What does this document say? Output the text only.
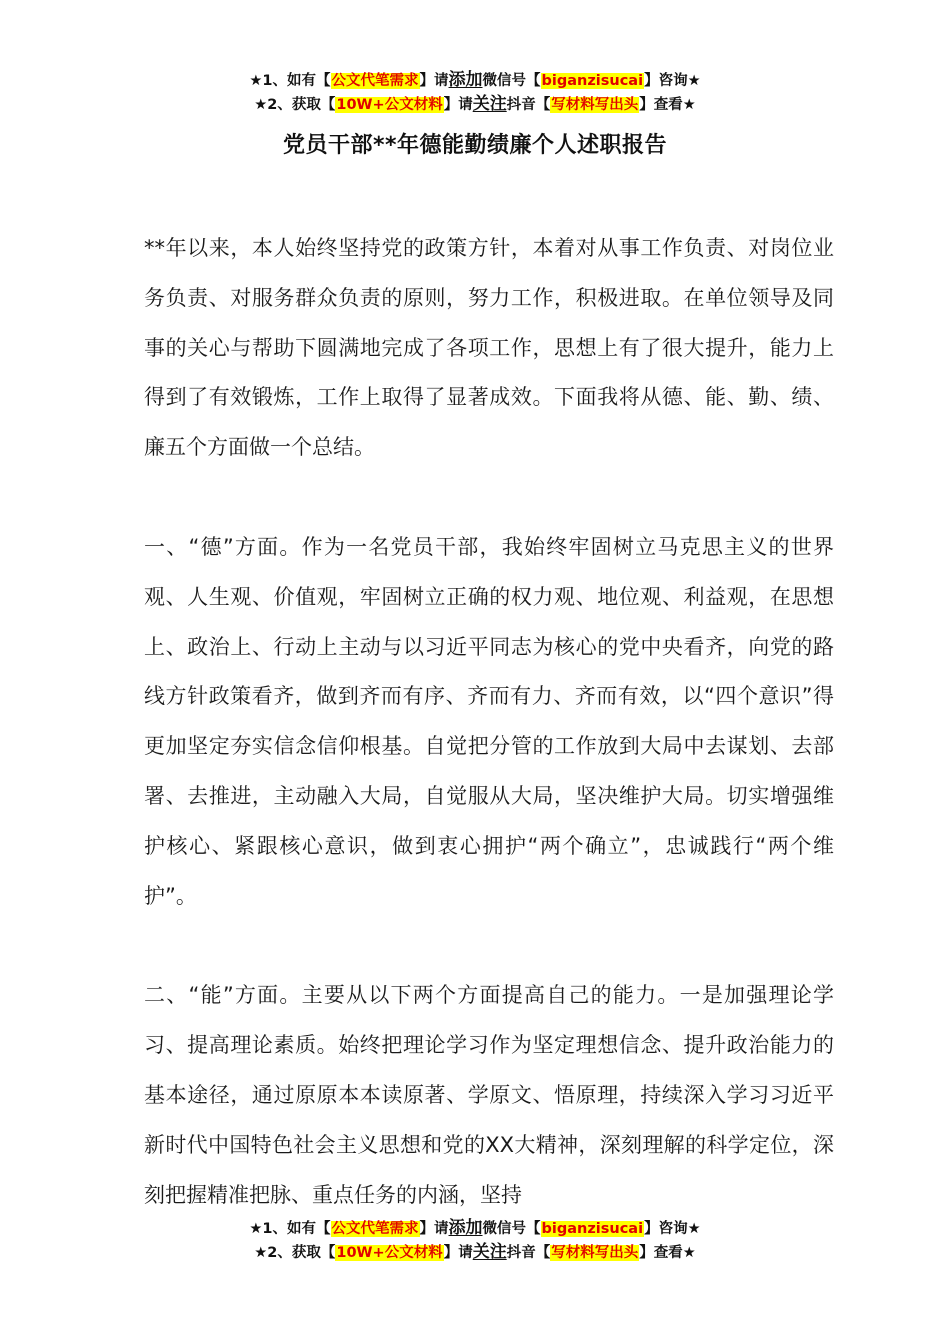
★1、如有【公文代笔需求】请添加微信号【biganzisucai】咨询★
★2、获取【10W+公文材料】请关注抖音【写材料写出头】查看★
党员干部**年德能勤绩廉个人述职报告

**年以来，本人始终坚持党的政策方针，本着对从事工作负责、对岗位业务负责、对服务群众负责的原则，努力工作，积极进取。在单位领导及同事的关心与帮助下圆满地完成了各项工作，思想上有了很大提升，能力上得到了有效锻炼，工作上取得了显著成效。下面我将从德、能、勤、绩、廉五个方面做一个总结。

一、“德”方面。作为一名党员干部，我始终牢固树立马克思主义的世界观、人生观、价值观，牢固树立正确的权力观、地位观、利益观，在思想上、政治上、行动上主动与以习近平同志为核心的党中央看齐，向党的路线方针政策看齐，做到齐而有序、齐而有力、齐而有效，以“四个意识”得更加坚定夯实信念信仰根基。自觉把分管的工作放到大局中去谋划、去部署、去推进，主动融入大局，自觉服从大局，坚决维护大局。切实增强维护核心、紧跟核心意识，做到衷心拥护“两个确立”，忠诚践行“两个维护”。

二、“能”方面。主要从以下两个方面提高自己的能力。一是加强理论学习、提高理论素质。始终把理论学习作为坚定理想信念、提升政治能力的基本途径，通过原原本本读原著、学原文、悟原理，持续深入学习习近平新时代中国特色社会主义思想和党的XX大精神，深刻理解的科学定位，深刻把握精准把脉、重点任务的内涵，坚持

★1、如有【公文代笔需求】请添加微信号【biganzisucai】咨询★
★2、获取【10W+公文材料】请关注抖音【写材料写出头】查看★
